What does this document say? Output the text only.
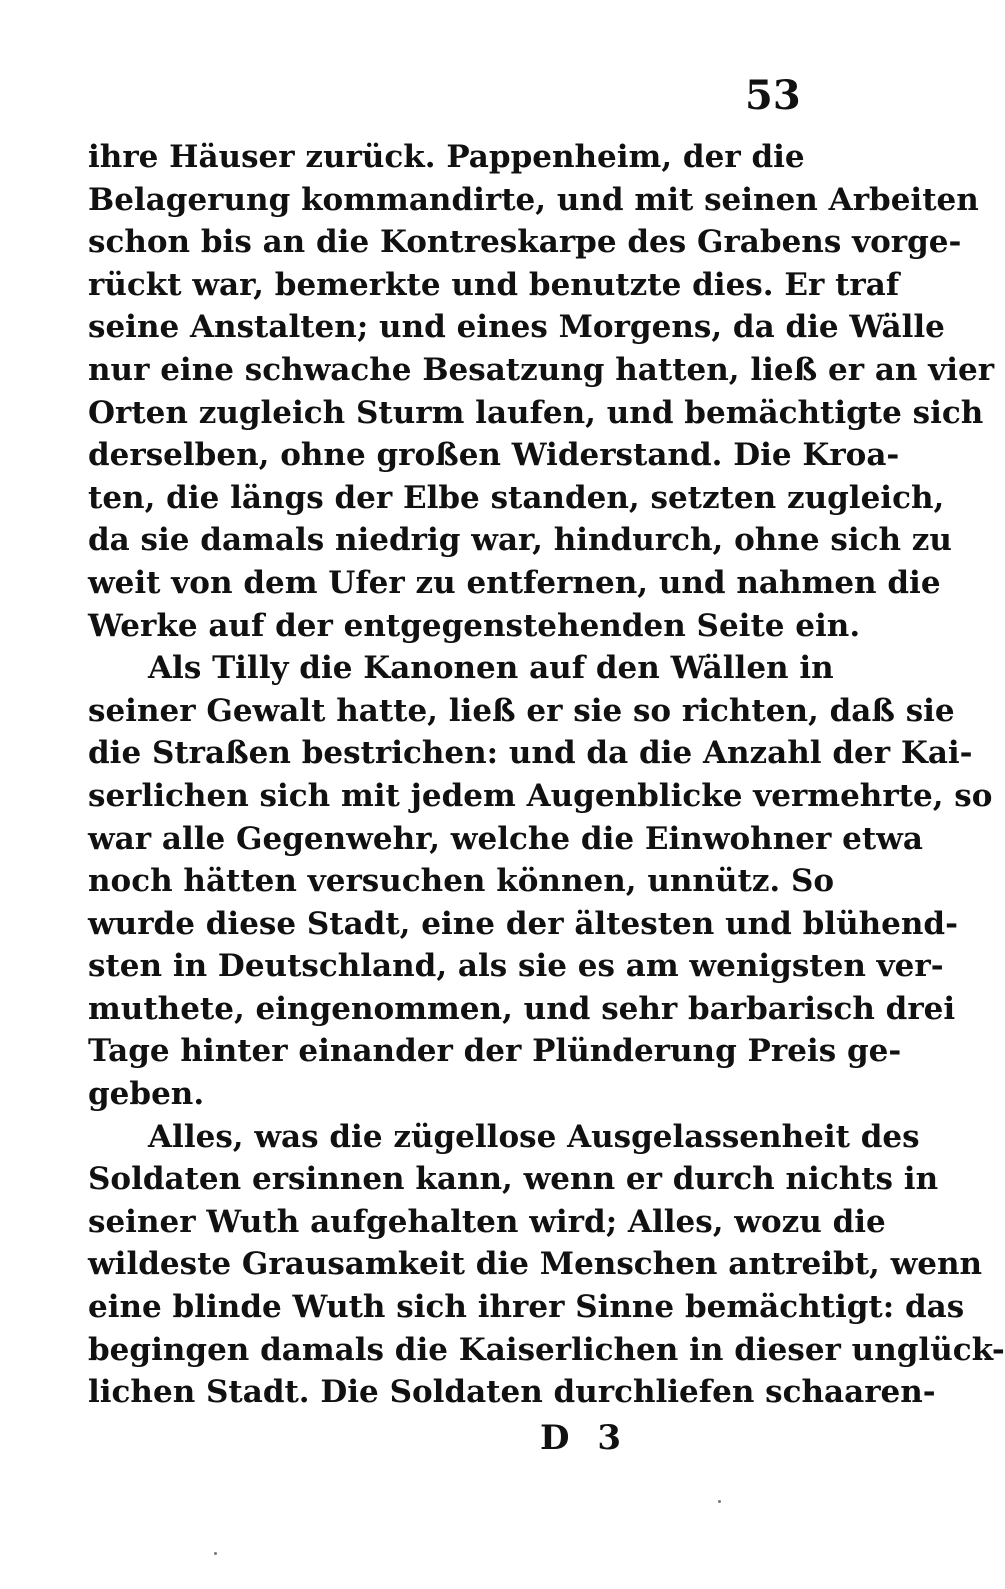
53
ihre Häuser zurück. Pappenheim, der die
Belagerung kommandirte, und mit seinen Arbeiten
schon bis an die Kontreskarpe des Grabens vorge-
rückt war, bemerkte und benutzte dies. Er traf
seine Anstalten; und eines Morgens, da die Wälle
nur eine schwache Besatzung hatten, ließ er an vier
Orten zugleich Sturm laufen, und bemächtigte sich
derselben, ohne großen Widerstand. Die Kroa-
ten, die längs der Elbe standen, setzten zugleich,
da sie damals niedrig war, hindurch, ohne sich zu
weit von dem Ufer zu entfernen, und nahmen die
Werke auf der entgegenstehenden Seite ein.
Als Tilly die Kanonen auf den Wällen in
seiner Gewalt hatte, ließ er sie so richten, daß sie
die Straßen bestrichen: und da die Anzahl der Kai-
serlichen sich mit jedem Augenblicke vermehrte, so
war alle Gegenwehr, welche die Einwohner etwa
noch hätten versuchen können, unnütz. So
wurde diese Stadt, eine der ältesten und blühend-
sten in Deutschland, als sie es am wenigsten ver-
muthete, eingenommen, und sehr barbarisch drei
Tage hinter einander der Plünderung Preis ge-
geben.
Alles, was die zügellose Ausgelassenheit des
Soldaten ersinnen kann, wenn er durch nichts in
seiner Wuth aufgehalten wird; Alles, wozu die
wildeste Grausamkeit die Menschen antreibt, wenn
eine blinde Wuth sich ihrer Sinne bemächtigt: das
begingen damals die Kaiserlichen in dieser unglück-
lichen Stadt. Die Soldaten durchliefen schaaren-
D 3
